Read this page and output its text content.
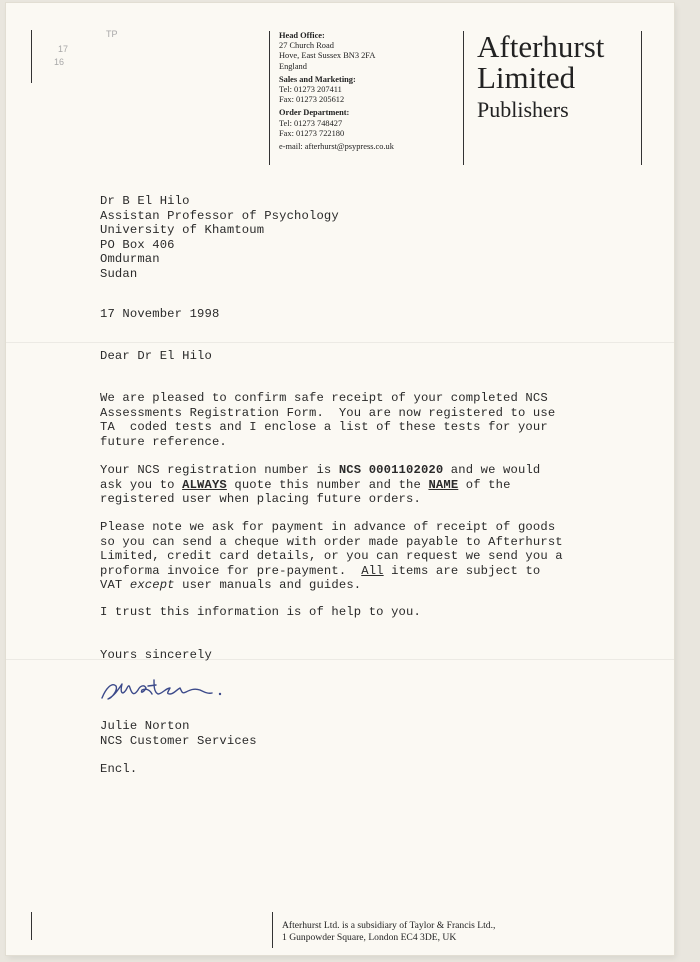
17
16
TP	Head Office:
27 Church Road
Hove, East Sussex BN3 2FA
England
Sales and Marketing:
Tel: 01273 207411
Fax: 01273 205612
Order Department:
Tel: 01273 748427
Fax: 01273 722180
e-mail: afterhurst@psypress.co.uk
Afterhurst
Limited
Publishers
Dr B El Hilo
Assistan Professor of Psychology
University of Khamtoum
PO Box 406
Omdurman
Sudan
17 November 1998
Dear Dr El Hilo
We are pleased to confirm safe receipt of your completed NCS
Assessments Registration Form.  You are now registered to use
TA  coded tests and I enclose a list of these tests for your
future reference.
Your NCS registration number is NCS 0001102020 and we would
ask you to ALWAYS quote this number and the NAME of the
registered user when placing future orders.
Please note we ask for payment in advance of receipt of goods
so you can send a cheque with order made payable to Afterhurst
Limited, credit card details, or you can request we send you a
proforma invoice for pre-payment.  All items are subject to
VAT except user manuals and guides.
I trust this information is of help to you.
Yours sincerely
Julie Norton
NCS Customer Services
Encl.
Afterhurst Ltd. is a subsidiary of Taylor & Francis Ltd.,
1 Gunpowder Square, London EC4 3DE, UK
